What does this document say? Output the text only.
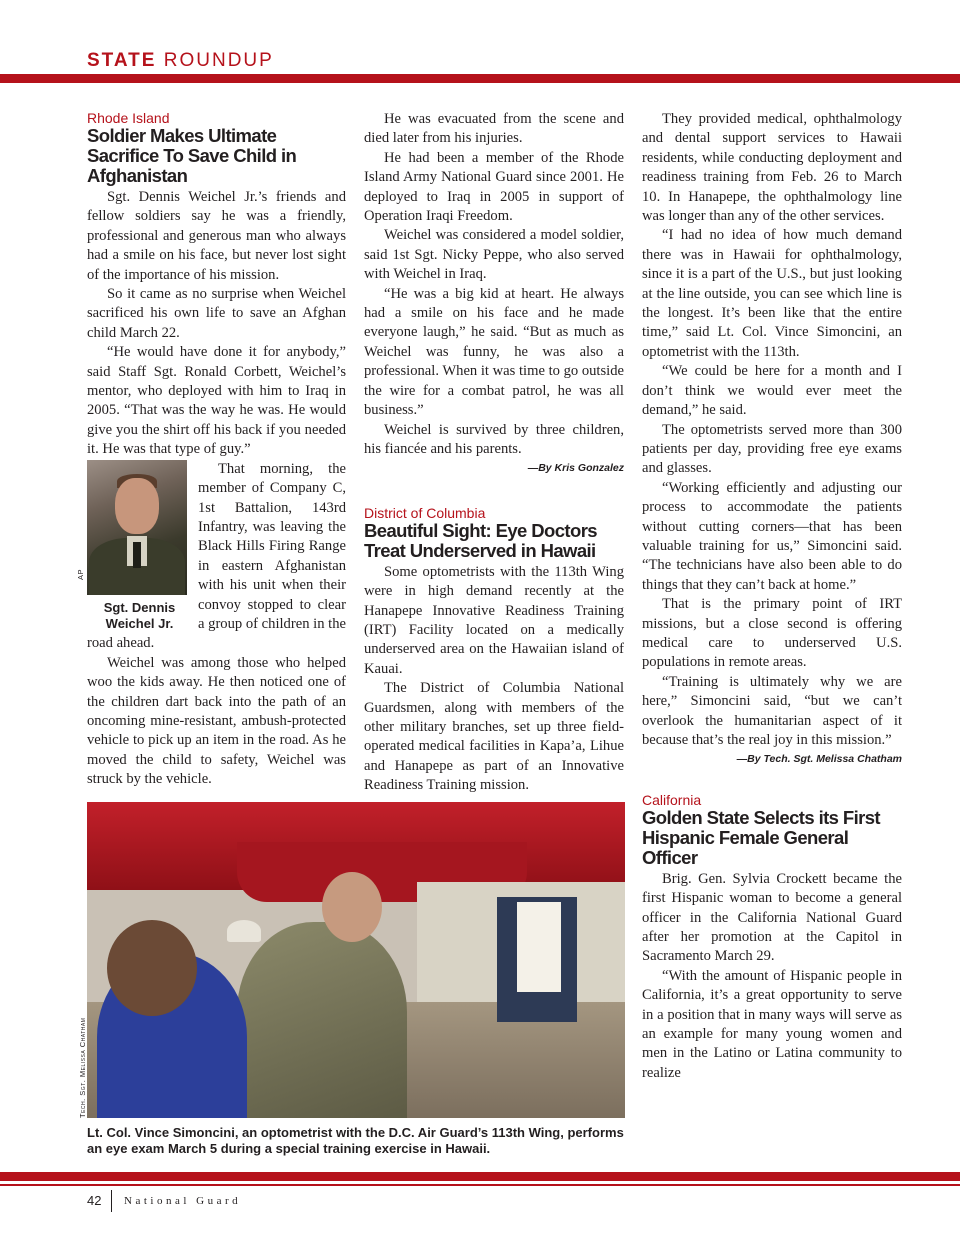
STATE ROUNDUP

Rhode Island

Soldier Makes Ultimate Sacrifice To Save Child in Afghanistan

Sgt. Dennis Weichel Jr.’s friends and fellow soldiers say he was a friendly, professional and generous man who always had a smile on his face, but never lost sight of the importance of his mission.

So it came as no surprise when Weichel sacrificed his own life to save an Afghan child March 22.

“He would have done it for anybody,” said Staff Sgt. Ronald Corbett, Weichel’s mentor, who deployed with him to Iraq in 2005. “That was the way he was. He would give you the shirt off his back if you needed it. He was that type of guy.”

Sgt. Dennis Weichel Jr.

That morning, the member of Company C, 1st Battalion, 143rd Infantry, was leaving the Black Hills Firing Range in eastern Afghanistan with his unit when their convoy stopped to clear a group of children in the road ahead.

Weichel was among those who helped woo the kids away. He then noticed one of the children dart back into the path of an oncoming mine-resistant, ambush-protected vehicle to pick up an item in the road. As he moved the child to safety, Weichel was struck by the vehicle.

AP

He was evacuated from the scene and died later from his injuries.

He had been a member of the Rhode Island Army National Guard since 2001. He deployed to Iraq in 2005 in support of Operation Iraqi Freedom.

Weichel was considered a model soldier, said 1st Sgt. Nicky Peppe, who also served with Weichel in Iraq.

“He was a big kid at heart. He always had a smile on his face and he made everyone laugh,” he said. “But as much as Weichel was funny, he was also a professional. When it was time to go outside the wire for a combat patrol, he was all business.”

Weichel is survived by three children, his fiancée and his parents.

—By Kris Gonzalez

District of Columbia

Beautiful Sight: Eye Doctors Treat Underserved in Hawaii

Some optometrists with the 113th Wing were in high demand recently at the Hanapepe Innovative Readiness Training (IRT) Facility located on a medically underserved area on the Hawaiian island of Kauai.

The District of Columbia National Guardsmen, along with members of the other military branches, set up three field-operated medical facilities in Kapa’a, Lihue and Hanapepe as part of an Innovative Readiness Training mission.

They provided medical, ophthalmology and dental support services to Hawaii residents, while conducting deployment and readiness training from Feb. 26 to March 10. In Hanapepe, the ophthalmology line was longer than any of the other services.

“I had no idea of how much demand there was in Hawaii for ophthalmology, since it is a part of the U.S., but just looking at the line outside, you can see which line is the longest. It’s been like that the entire time,” said Lt. Col. Vince Simoncini, an optometrist with the 113th.

“We could be here for a month and I don’t think we would ever meet the demand,” he said.

The optometrists served more than 300 patients per day, providing free eye exams and glasses.

“Working efficiently and adjusting our process to accommodate the patients without cutting corners—that has been valuable training for us,” Simoncini said. “The technicians have also been able to do things that they can’t back at home.”

That is the primary point of IRT missions, but a close second is offering medical care to underserved U.S. populations in remote areas.

“Training is ultimately why we are here,” Simoncini said, “but we can’t overlook the humanitarian aspect of it because that’s the real joy in this mission.”

—By Tech. Sgt. Melissa Chatham

California

Golden State Selects its First Hispanic Female General Officer

Brig. Gen. Sylvia Crockett became the first Hispanic woman to become a general officer in the California National Guard after her promotion at the Capitol in Sacramento March 29.

“With the amount of Hispanic people in California, it’s a great opportunity to serve in a position that in many ways will serve as an example for many young women and men in the Latino or Latina community to realize

Tech. Sgt. Melissa Chatham
Lt. Col. Vince Simoncini, an optometrist with the D.C. Air Guard’s 113th Wing, performs an eye exam March 5 during a special training exercise in Hawaii.
42 National Guard
